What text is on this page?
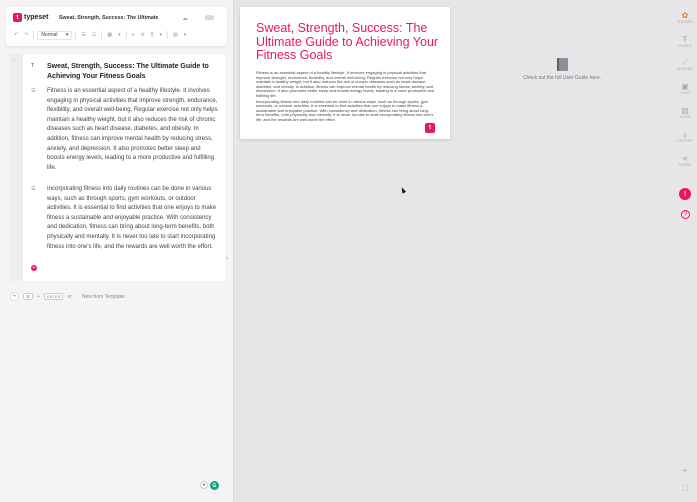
t typeset Sweat, Strength, Success: The Ultimate	☁	⌨
↶	↷	Normal ▾	☰	☷	▦	▾	≡	⊘	§	▾	▤	▾
‹
T Sweat, Strength, Success: The Ultimate Guide to Achieving Your Fitness Goals
☰ Fitness is an essential aspect of a healthy lifestyle. It involves engaging in physical activities that improve strength, endurance, flexibility, and overall well-being. Regular exercise not only helps maintain a healthy weight, but it also reduces the risk of chronic diseases such as heart disease, diabetes, and obesity. In addition, fitness can improve mental health by reducing stress, anxiety, and depression. It also promotes better sleep and boosts energy levels, leading to a more productive and fulfilling life.
☰ Incorporating fitness into daily routines can be done in various ways, such as through sports, gym workouts, or outdoor activities. It is essential to find activities that one enjoys to make fitness a sustainable and enjoyable practice. With consistency and dedication, fitness can bring about long-term benefits, both physically and mentally. It is never too late to start incorporating fitness into one's life, and the rewards are well worth the effort.
+
›
+	⌘	+	ENTER	or New from Template
●	G
Sweat, Strength, Success: The Ultimate Guide to Achieving Your Fitness Goals

Fitness is an essential aspect of a healthy lifestyle. It involves engaging in physical activities that improve strength, endurance, flexibility, and overall well-being. Regular exercise not only helps maintain a healthy weight, but it also reduces the risk of chronic diseases such as heart disease, diabetes, and obesity. In addition, fitness can improve mental health by reducing stress, anxiety, and depression. It also promotes better sleep and boosts energy levels, leading to a more productive and fulfilling life.

Incorporating fitness into daily routines can be done in various ways, such as through sports, gym workouts, or outdoor activities. It is essential to find activities that one enjoys to make fitness a sustainable and enjoyable practice. With consistency and dedication, fitness can bring about long-term benefits, both physically and mentally. It is never too late to start incorporating fitness into one's life, and the rewards are well worth the effort.

t
Check out the full User Guide here.
✿
THEMES
Ŧ
FONTS
⟋
SPACING
▣
LOGO
▨
ZOOM
⤓
EXPORT
⋖
SHARE
!
?
✦
▢
